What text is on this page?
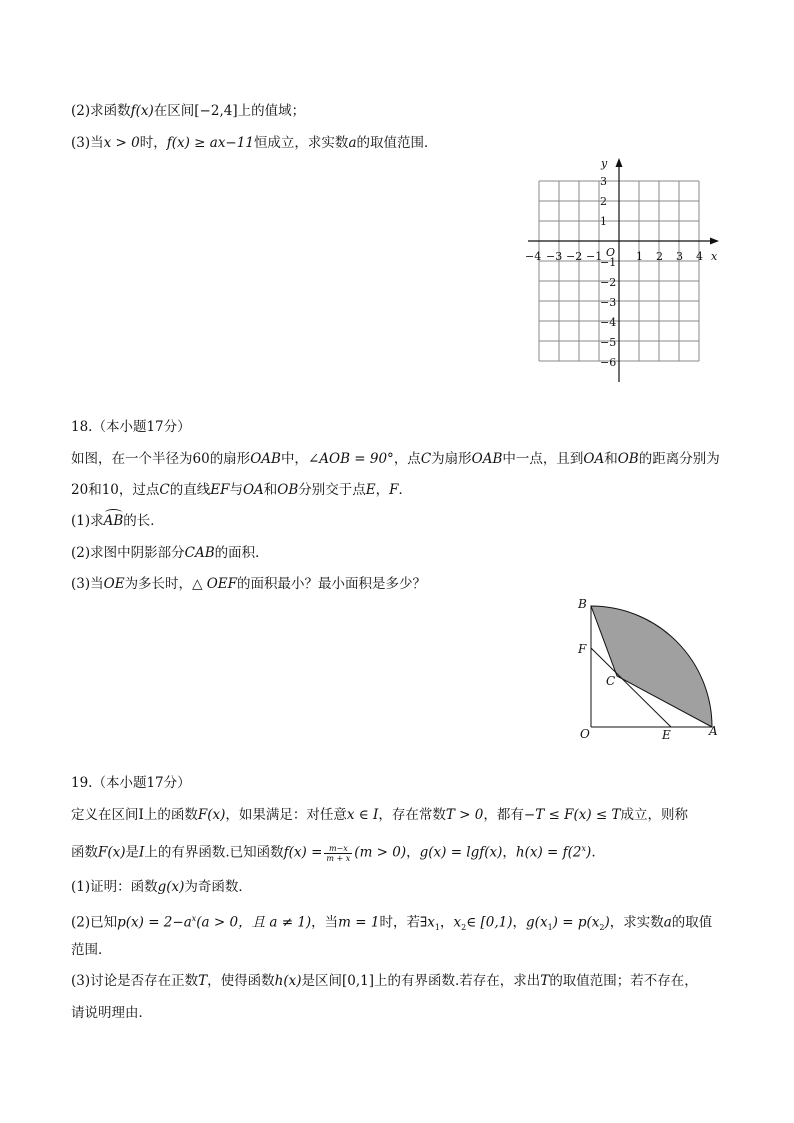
(2)求函数f(x)在区间[−2,4]上的值域；
(3)当x > 0时，f(x) ≥ ax−11恒成立，求实数a的取值范围．
x
y
O
−4 −3 −2 −1	1 2 3 4
3
2
1
−1
−2
−3
−4
−5
−6
18.（本小题17分）
如图，在一个半径为60的扇形OAB中，∠AOB = 90°，点C为扇形OAB中一点，且到OA和OB的距离分别为
20和10，过点C的直线EF与OA和OB分别交于点E，F．
(1)求AB的长．
(2)求图中阴影部分CAB的面积．
(3)当OE为多长时，△ OEF的面积最小？最小面积是多少？
B
F
C
O	E	A
19.（本小题17分）
定义在区间Ⅰ上的函数F(x)，如果满足：对任意x ∈ I，存在常数T > 0，都有−T ≤ F(x) ≤ T成立，则称
函数F(x)是I上的有界函数.已知函数$f(x) = \frac{m-x}{m + x} (m > 0)$，g(x) = lgf(x)，$h(x) = f(2^x)$.
(1)证明：函数g(x)为奇函数．
(2)已知$p(x) = 2-a^x(a > 0$，且 a ≠ 1)，当m = 1时，若$\exists x_1$，$x_2\in$ [0,1)，$g(x_1) = p(x_2)$，求实数a的取值
范围．
(3)讨论是否存在正数T，使得函数h(x)是区间[0,1]上的有界函数.若存在，求出T的取值范围；若不存在，
请说明理由．
